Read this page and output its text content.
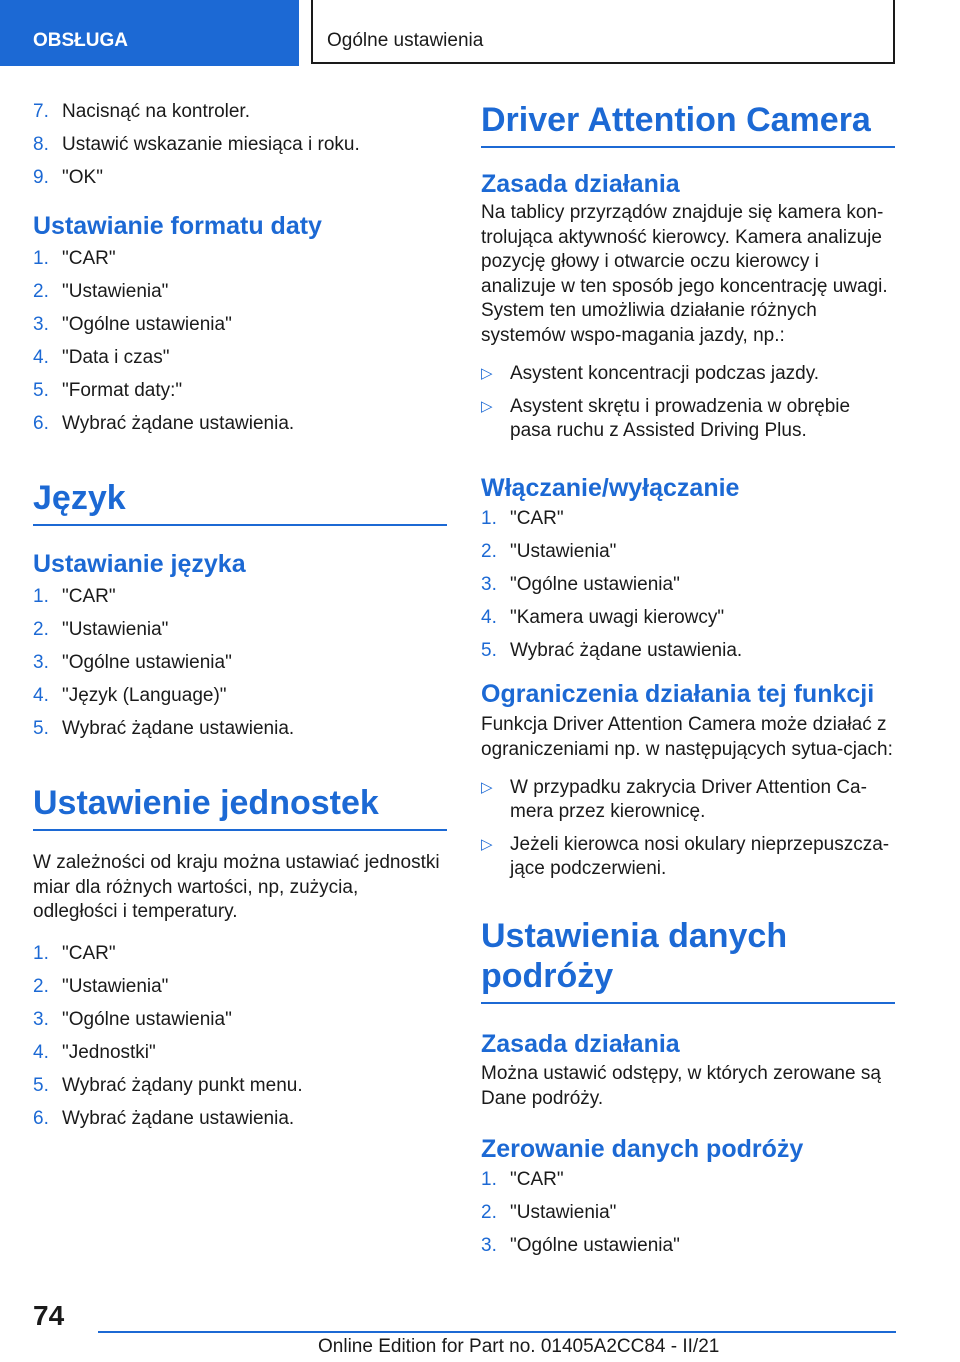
OBSŁUGA	Ogólne ustawienia
7. Nacisnąć na kontroler.
8. Ustawić wskazanie miesiąca i roku.
9. "OK"
Ustawianie formatu daty
1. "CAR"
2. "Ustawienia"
3. "Ogólne ustawienia"
4. "Data i czas"
5. "Format daty:"
6. Wybrać żądane ustawienia.
Język
Ustawianie języka
1. "CAR"
2. "Ustawienia"
3. "Ogólne ustawienia"
4. "Język (Language)"
5. Wybrać żądane ustawienia.
Ustawienie jednostek

W zależności od kraju można ustawiać jednostki miar dla różnych wartości, np, zużycia, odległości i temperatury.

1. "CAR"
2. "Ustawienia"
3. "Ogólne ustawienia"
4. "Jednostki"
5. Wybrać żądany punkt menu.
6. Wybrać żądane ustawienia.
Driver Attention Camera
Zasada działania

Na tablicy przyrządów znajduje się kamera kon-trolująca aktywność kierowcy. Kamera analizuje pozycję głowy i otwarcie oczu kierowcy i analizuje w ten sposób jego koncentrację uwagi. System ten umożliwia działanie różnych systemów wspo-magania jazdy, np.:

▷ Asystent koncentracji podczas jazdy.
▷ Asystent skrętu i prowadzenia w obrębie pasa ruchu z Assisted Driving Plus.
Włączanie/wyłączanie
1. "CAR"
2. "Ustawienia"
3. "Ogólne ustawienia"
4. "Kamera uwagi kierowcy"
5. Wybrać żądane ustawienia.
Ograniczenia działania tej funkcji

Funkcja Driver Attention Camera może działać z ograniczeniami np. w następujących sytua-cjach:

▷ W przypadku zakrycia Driver Attention Ca-mera przez kierownicę.
▷ Jeżeli kierowca nosi okulary nieprzepuszcza-jące podczerwieni.
Ustawienia danych podróży
Zasada działania

Można ustawić odstępy, w których zerowane są Dane podróży.

Zerowanie danych podróży
1. "CAR"
2. "Ustawienia"
3. "Ogólne ustawienia"
74
Online Edition for Part no. 01405A2CC84 - II/21
